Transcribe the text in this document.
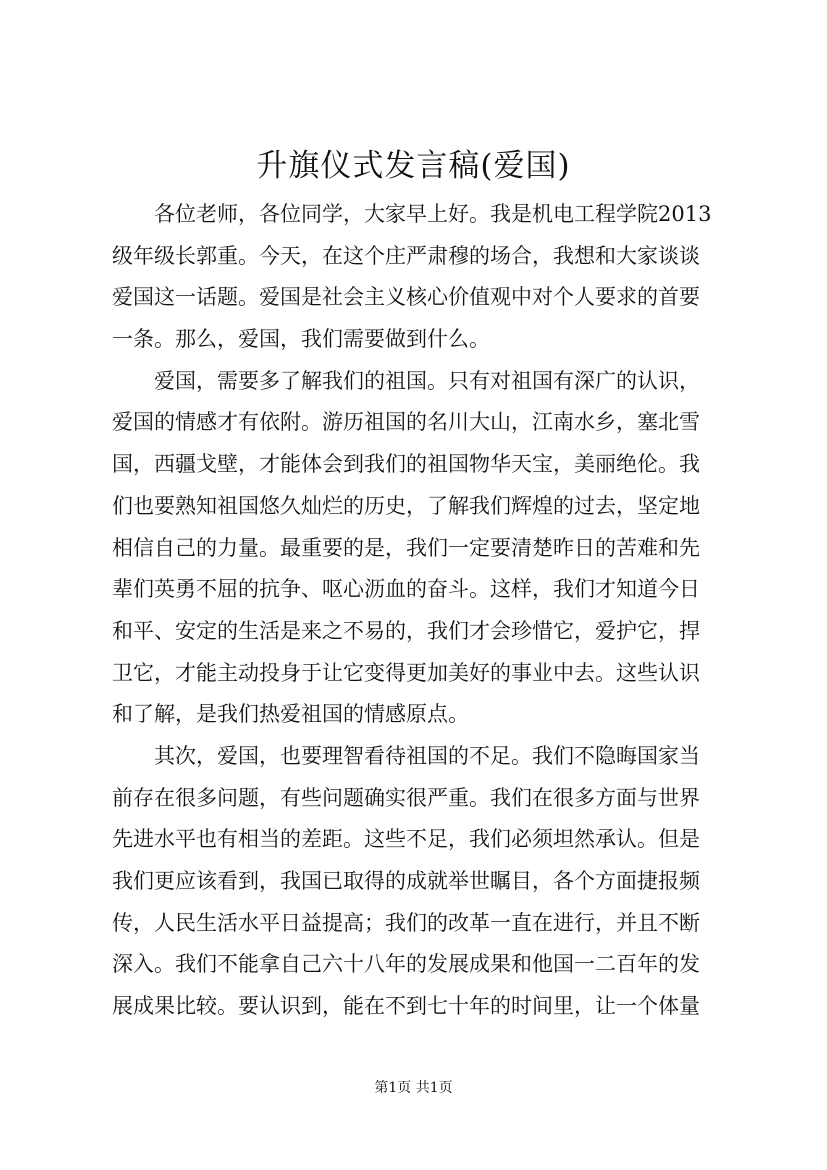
升旗仪式发言稿(爱国)
各位老师，各位同学，大家早上好。我是机电工程学院2013
级年级长郭重。今天，在这个庄严肃穆的场合，我想和大家谈谈
爱国这一话题。爱国是社会主义核心价值观中对个人要求的首要
一条。那么，爱国，我们需要做到什么。
爱国，需要多了解我们的祖国。只有对祖国有深广的认识，
爱国的情感才有依附。游历祖国的名川大山，江南水乡，塞北雪
国，西疆戈壁，才能体会到我们的祖国物华天宝，美丽绝伦。我
们也要熟知祖国悠久灿烂的历史，了解我们辉煌的过去，坚定地
相信自己的力量。最重要的是，我们一定要清楚昨日的苦难和先
辈们英勇不屈的抗争、呕心沥血的奋斗。这样，我们才知道今日
和平、安定的生活是来之不易的，我们才会珍惜它，爱护它，捍
卫它，才能主动投身于让它变得更加美好的事业中去。这些认识
和了解，是我们热爱祖国的情感原点。
其次，爱国，也要理智看待祖国的不足。我们不隐晦国家当
前存在很多问题，有些问题确实很严重。我们在很多方面与世界
先进水平也有相当的差距。这些不足，我们必须坦然承认。但是
我们更应该看到，我国已取得的成就举世瞩目，各个方面捷报频
传，人民生活水平日益提高；我们的改革一直在进行，并且不断
深入。我们不能拿自己六十八年的发展成果和他国一二百年的发
展成果比较。要认识到，能在不到七十年的时间里，让一个体量
第1页 共1页
